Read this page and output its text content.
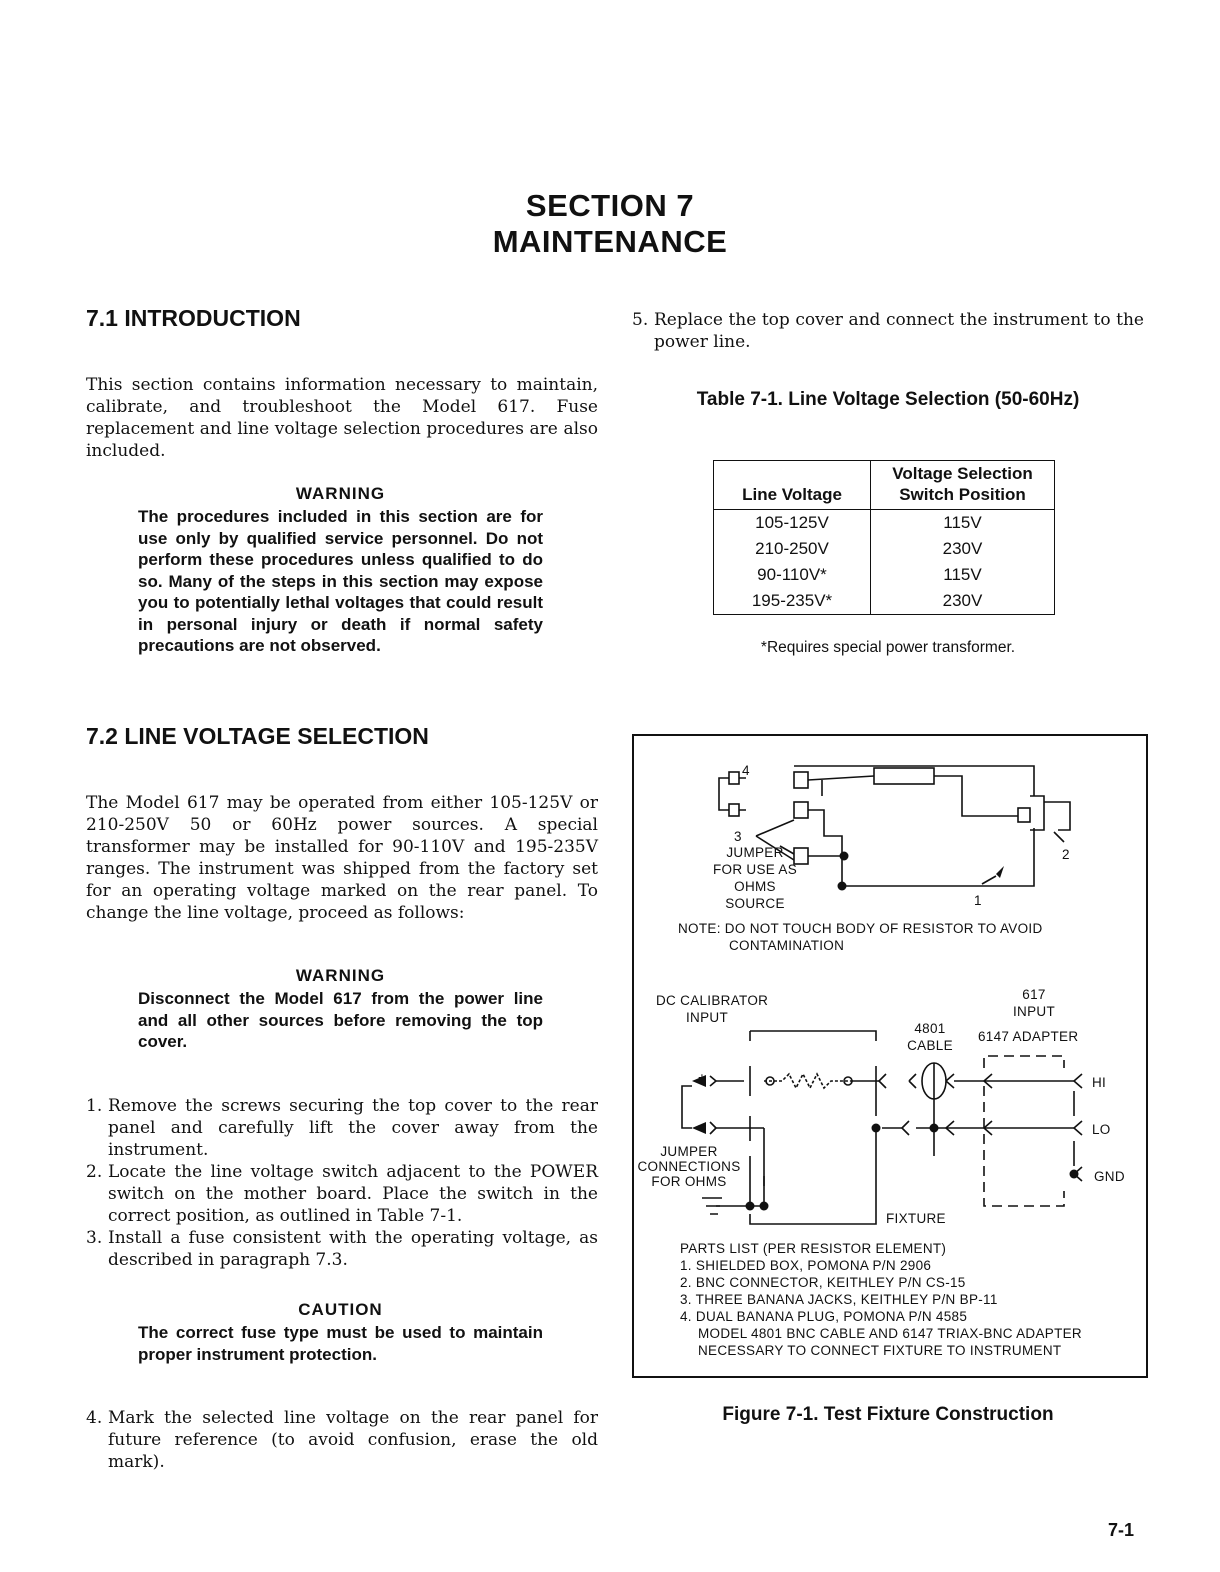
SECTION 7
MAINTENANCE
7.1 INTRODUCTION
This section contains information necessary to maintain, calibrate, and troubleshoot the Model 617. Fuse replacement and line voltage selection procedures are also included.
WARNING
The procedures included in this section are for use only by qualified service personnel. Do not perform these procedures unless qualified to do so. Many of the steps in this section may expose you to potentially lethal voltages that could result in personal injury or death if normal safety precautions are not observed.
7.2 LINE VOLTAGE SELECTION
The Model 617 may be operated from either 105-125V or 210-250V 50 or 60Hz power sources. A special transformer may be installed for 90-110V and 195-235V ranges. The instrument was shipped from the factory set for an operating voltage marked on the rear panel. To change the line voltage, proceed as follows:
WARNING
Disconnect the Model 617 from the power line and all other sources before removing the top cover.
1. Remove the screws securing the top cover to the rear panel and carefully lift the cover away from the instrument.
2. Locate the line voltage switch adjacent to the POWER switch on the mother board. Place the switch in the correct position, as outlined in Table 7-1.
3. Install a fuse consistent with the operating voltage, as described in paragraph 7.3.
CAUTION
The correct fuse type must be used to maintain proper instrument protection.
4. Mark the selected line voltage on the rear panel for future reference (to avoid confusion, erase the old mark).
5. Replace the top cover and connect the instrument to the power line.
Table 7-1. Line Voltage Selection (50-60Hz)
Line Voltage	Voltage Selection
Switch Position

105-125V	115V
210-250V	230V
90-110V*	115V
195-235V*	230V
*Requires special power transformer.
4
3
2
1
JUMPER
FOR USE AS
OHMS
SOURCE
NOTE: DO NOT TOUCH BODY OF RESISTOR TO AVOID
CONTAMINATION
DC CALIBRATOR
INPUT
617
INPUT
4801
CABLE
6147 ADAPTER
HI
LO
GND
+
−
JUMPER
CONNECTIONS
FOR OHMS
FIXTURE
PARTS LIST (PER RESISTOR ELEMENT)
1. SHIELDED BOX, POMONA P/N 2906
2. BNC CONNECTOR, KEITHLEY P/N CS-15
3. THREE BANANA JACKS, KEITHLEY P/N BP-11
4. DUAL BANANA PLUG, POMONA P/N 4585
MODEL 4801 BNC CABLE AND 6147 TRIAX-BNC ADAPTER
NECESSARY TO CONNECT FIXTURE TO INSTRUMENT
Figure 7-1. Test Fixture Construction
7-1
